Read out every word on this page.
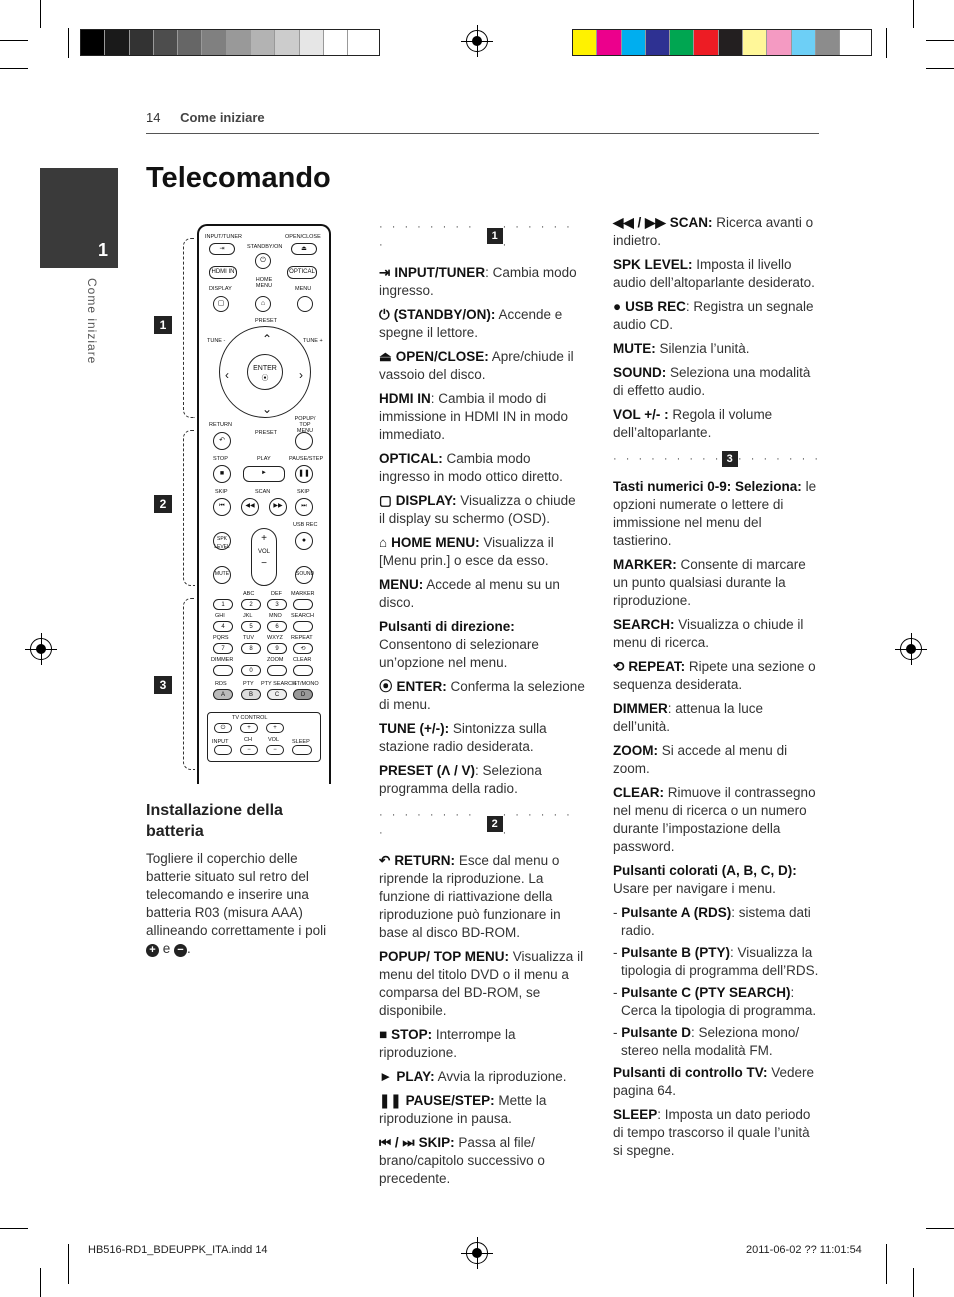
14 Come iniziare
1
Come iniziare
Telecomando
1
2
3
INPUT/TUNER	OPEN/CLOSE
⇥	STANDBY/ON	⏏
⏻
HDMI IN	OPTICAL
DISPLAY
HOME MENU	MENU
▢	⌂
PRESET
TUNE -	TUNE +
⌃
⌄
‹	›
ENTER
⦿
RETURN
PRESET
POPUP/ TOP MENU
↶
STOP	PLAY	PAUSE/STEP
■	►	❚❚
SKIP	SCAN	SKIP
⏮	◀◀	▶▶	⏭
USB REC
SPK LEVEL
+
VOL
−
●
MUTE	SOUND
ABC	DEF MARKER
1	2	3
GHI	JKL	MNO SEARCH
4	5	6
PQRS	TUV WXYZ REPEAT
7	8	9	⟲
DIMMER	ZOOM CLEAR
0
RDS	PTY PTY SEARCH
ST/MONO
A	B	C	D
TV CONTROL
⏻	+	+
INPUT	CH	VOL SLEEP
−	−
Installazione della batteria

Togliere il coperchio delle batterie situato sul retro del telecomando e inserire una batteria R03 (misura AAA) allineando correttamente i poli + e − .

· · · · · · · · ·
1
· · · · · · ·

⇥ INPUT/TUNER: Cambia modo ingresso.

⏻ (STANDBY/ON): Accende e spegne il lettore.

⏏ OPEN/CLOSE: Apre/chiude il vassoio del disco.

HDMI IN: Cambia il modo di immissione in HDMI IN in modo immediato.

OPTICAL: Cambia modo ingresso in modo ottico diretto.

▢ DISPLAY: Visualizza o chiude il display su schermo (OSD).

⌂ HOME MENU: Visualizza il [Menu prin.] o esce da esso.

MENU: Accede al menu su un disco.

Pulsanti di direzione: Consentono di selezionare un’opzione nel menu.

⦿ ENTER: Conferma la selezione di menu.

TUNE (+/-): Sintonizza sulla stazione radio desiderata.

PRESET (Λ / V): Seleziona programma della radio.

· · · · · · · · ·
2
· · · · · · ·

↶ RETURN: Esce dal menu o riprende la riproduzione. La funzione di riattivazione della riproduzione può funzionare in base al disco BD-ROM.

POPUP/ TOP MENU: Visualizza il menu del titolo DVD o il menu a comparsa del BD-ROM, se disponibile.

■ STOP: Interrompe la riproduzione.

► PLAY: Avvia la riproduzione.

❚❚ PAUSE/STEP: Mette la riproduzione in pausa.

⏮ / ⏭ SKIP: Passa al file/ brano/capitolo successivo o precedente.

◀◀ / ▶▶ SCAN: Ricerca avanti o indietro.

SPK LEVEL: Imposta il livello audio dell’altoparlante desiderato.

● USB REC: Registra un segnale audio CD.

MUTE: Silenzia l’unità.

SOUND: Seleziona una modalità di effetto audio.

VOL +/- : Regola il volume dell’altoparlante.

· · · · · · · · · 3 · · · · · · ·

Tasti numerici 0-9: Seleziona: le opzioni numerate o lettere di immissione nel menu del tastierino.

MARKER: Consente di marcare un punto qualsiasi durante la riproduzione.

SEARCH: Visualizza o chiude il menu di ricerca.

⟲ REPEAT: Ripete una sezione o sequenza desiderata.

DIMMER: attenua la luce dell’unità.

ZOOM: Si accede al menu di zoom.

CLEAR: Rimuove il contrassegno nel menu di ricerca o un numero durante l’impostazione della password.

Pulsanti colorati (A, B, C, D): Usare per navigare i menu.

- Pulsante A (RDS): sistema dati radio.

- Pulsante B (PTY): Visualizza la tipologia di programma dell’RDS.

- Pulsante C (PTY SEARCH): Cerca la tipologia di programma.

- Pulsante D: Seleziona mono/ stereo nella modalità FM.

Pulsanti di controllo TV: Vedere pagina 64.

SLEEP: Imposta un dato periodo di tempo trascorso il quale l’unità si spegne.

HB516-RD1_BDEUPPK_ITA.indd 14	2011-06-02 ?? 11:01:54
